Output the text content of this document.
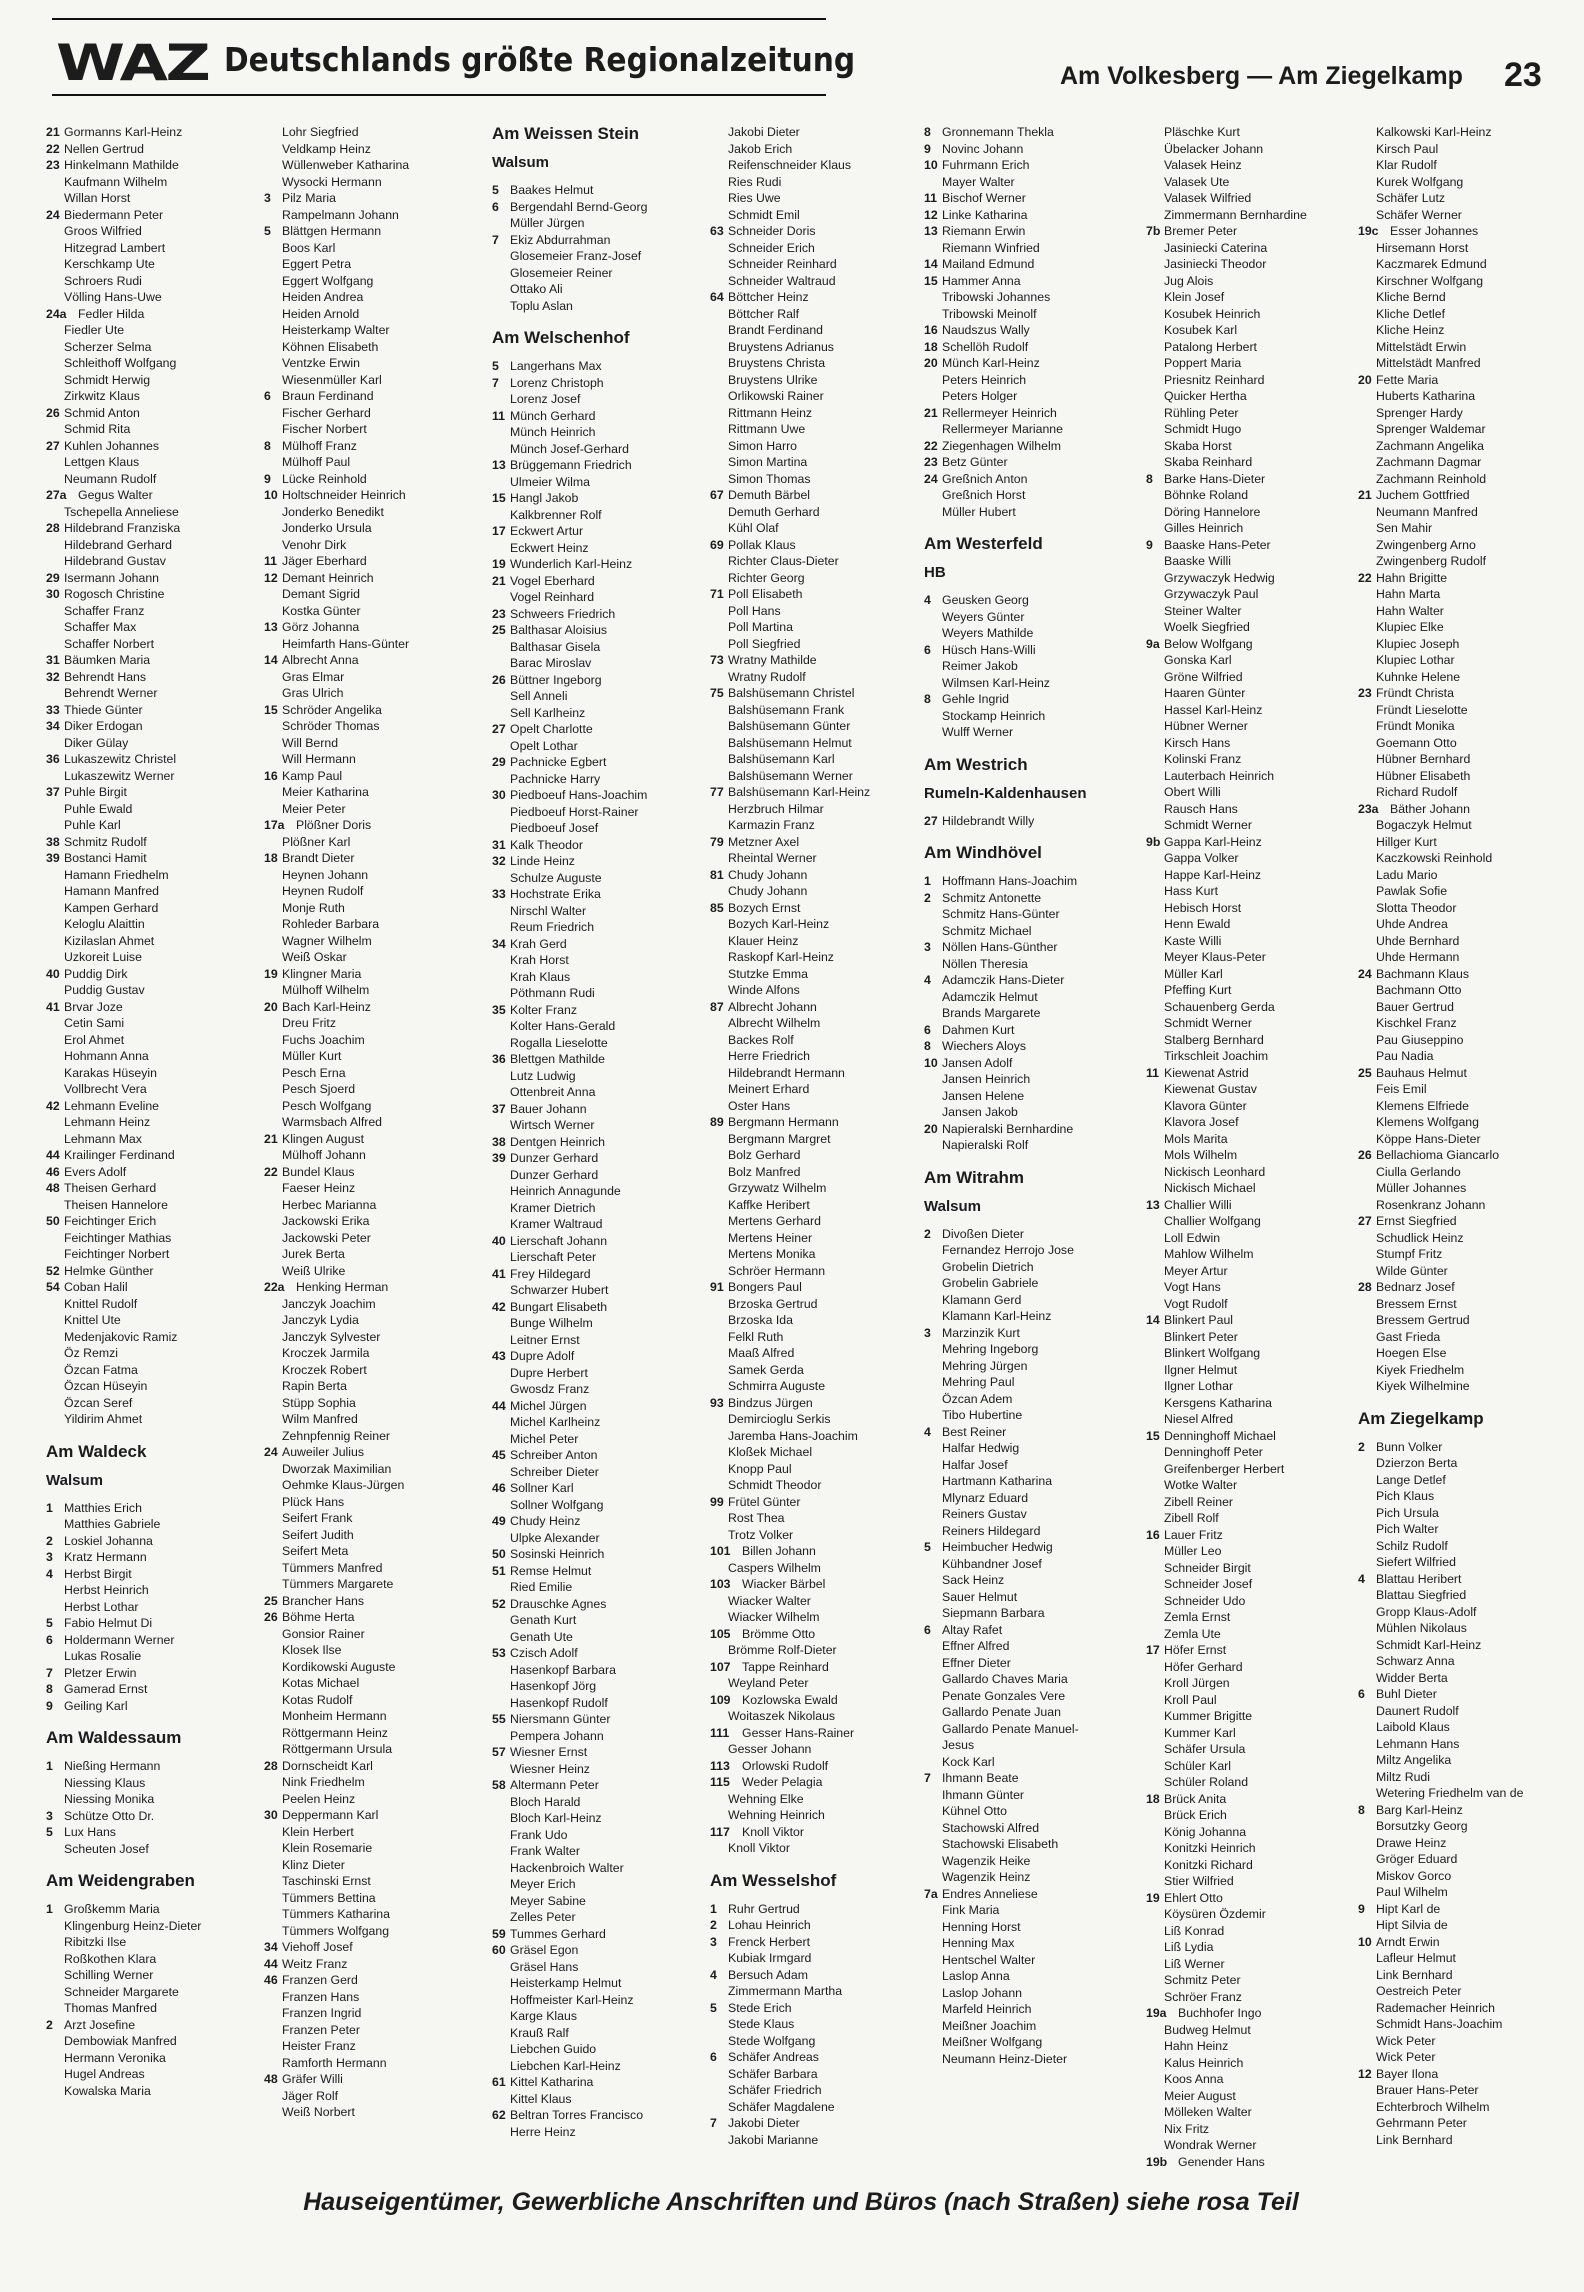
WAZ Deutschlands größte Regionalzeitung	Am Volkesberg — Am Ziegelkamp 23
21 Gormanns Karl-Heinz
22 Nellen Gertrud
23 Hinkelmann Mathilde
Kaufmann Wilhelm
Willan Horst
24 Biedermann Peter
Groos Wilfried
Hitzegrad Lambert
Kerschkamp Ute
Schroers Rudi
Völling Hans-Uwe
24a Fedler Hilda
Fiedler Ute
Scherzer Selma
Schleithoff Wolfgang
Schmidt Herwig
Zirkwitz Klaus
26 Schmid Anton
Schmid Rita
27 Kuhlen Johannes
Lettgen Klaus
Neumann Rudolf
27a Gegus Walter
Tschepella Anneliese
28 Hildebrand Franziska
Hildebrand Gerhard
Hildebrand Gustav
29 Isermann Johann
30 Rogosch Christine
Schaffer Franz
Schaffer Max
Schaffer Norbert
31 Bäumken Maria
32 Behrendt Hans
Behrendt Werner
33 Thiede Günter
34 Diker Erdogan
Diker Gülay
36 Lukaszewitz Christel
Lukaszewitz Werner
37 Puhle Birgit
Puhle Ewald
Puhle Karl
38 Schmitz Rudolf
39 Bostanci Hamit
Hamann Friedhelm
Hamann Manfred
Kampen Gerhard
Keloglu Alaittin
Kizilaslan Ahmet
Uzkoreit Luise
40 Puddig Dirk
Puddig Gustav
41 Brvar Joze
Cetin Sami
Erol Ahmet
Hohmann Anna
Karakas Hüseyin
Vollbrecht Vera
42 Lehmann Eveline
Lehmann Heinz
Lehmann Max
44 Krailinger Ferdinand
46 Evers Adolf
48 Theisen Gerhard
Theisen Hannelore
50 Feichtinger Erich
Feichtinger Mathias
Feichtinger Norbert
52 Helmke Günther
54 Coban Halil
Knittel Rudolf
Knittel Ute
Medenjakovic Ramiz
Öz Remzi
Özcan Fatma
Özcan Hüseyin
Özcan Seref
Yildirim Ahmet
Am Waldeck
Walsum
1 Matthies Erich
Matthies Gabriele
2 Loskiel Johanna
3 Kratz Hermann
4 Herbst Birgit
Herbst Heinrich
Herbst Lothar
5 Fabio Helmut Di
6 Holdermann Werner
Lukas Rosalie
7 Pletzer Erwin
8 Gamerad Ernst
9 Geiling Karl
Am Waldessaum
1 Nießing Hermann
Niessing Klaus
Niessing Monika
3 Schütze Otto Dr.
5 Lux Hans
Scheuten Josef
Am Weidengraben
1 Großkemm Maria
Klingenburg Heinz-Dieter
Ribitzki Ilse
Roßkothen Klara
Schilling Werner
Schneider Margarete
Thomas Manfred
2 Arzt Josefine
Dembowiak Manfred
Hermann Veronika
Hugel Andreas
Kowalska Maria
Lohr Siegfried
Veldkamp Heinz
Wüllenweber Katharina
Wysocki Hermann
3 Pilz Maria
Rampelmann Johann
5 Blättgen Hermann
Boos Karl
Eggert Petra
Eggert Wolfgang
Heiden Andrea
Heiden Arnold
Heisterkamp Walter
Köhnen Elisabeth
Ventzke Erwin
Wiesenmüller Karl
6 Braun Ferdinand
Fischer Gerhard
Fischer Norbert
8 Mülhoff Franz
Mülhoff Paul
9 Lücke Reinhold
10 Holtschneider Heinrich
Jonderko Benedikt
Jonderko Ursula
Venohr Dirk
11 Jäger Eberhard
12 Demant Heinrich
Demant Sigrid
Kostka Günter
13 Görz Johanna
Heimfarth Hans-Günter
14 Albrecht Anna
Gras Elmar
Gras Ulrich
15 Schröder Angelika
Schröder Thomas
Will Bernd
Will Hermann
16 Kamp Paul
Meier Katharina
Meier Peter
17a Plößner Doris
Plößner Karl
18 Brandt Dieter
Heynen Johann
Heynen Rudolf
Monje Ruth
Rohleder Barbara
Wagner Wilhelm
Weiß Oskar
19 Klingner Maria
Mülhoff Wilhelm
20 Bach Karl-Heinz
Dreu Fritz
Fuchs Joachim
Müller Kurt
Pesch Erna
Pesch Sjoerd
Pesch Wolfgang
Warmsbach Alfred
21 Klingen August
Mülhoff Johann
22 Bundel Klaus
Faeser Heinz
Herbec Marianna
Jackowski Erika
Jackowski Peter
Jurek Berta
Weiß Ulrike
22a Henking Herman
Janczyk Joachim
Janczyk Lydia
Janczyk Sylvester
Kroczek Jarmila
Kroczek Robert
Rapin Berta
Stüpp Sophia
Wilm Manfred
Zehnpfennig Reiner
24 Auweiler Julius
Dworzak Maximilian
Oehmke Klaus-Jürgen
Plück Hans
Seifert Frank
Seifert Judith
Seifert Meta
Tümmers Manfred
Tümmers Margarete
25 Brancher Hans
26 Böhme Herta
Gonsior Rainer
Klosek Ilse
Kordikowski Auguste
Kotas Michael
Kotas Rudolf
Monheim Hermann
Röttgermann Heinz
Röttgermann Ursula
28 Dornscheidt Karl
Nink Friedhelm
Peelen Heinz
30 Deppermann Karl
Klein Herbert
Klein Rosemarie
Klinz Dieter
Taschinski Ernst
Tümmers Bettina
Tümmers Katharina
Tümmers Wolfgang
34 Viehoff Josef
44 Weitz Franz
46 Franzen Gerd
Franzen Hans
Franzen Ingrid
Franzen Peter
Heister Franz
Ramforth Hermann
48 Gräfer Willi
Jäger Rolf
Weiß Norbert
Am Weissen Stein
Walsum
5 Baakes Helmut
6 Bergendahl Bernd-Georg
Müller Jürgen
7 Ekiz Abdurrahman
Glosemeier Franz-Josef
Glosemeier Reiner
Ottako Ali
Toplu Aslan
Am Welschenhof
5 Langerhans Max
7 Lorenz Christoph
Lorenz Josef
11 Münch Gerhard
Münch Heinrich
Münch Josef-Gerhard
13 Brüggemann Friedrich
Ulmeier Wilma
15 Hangl Jakob
Kalkbrenner Rolf
17 Eckwert Artur
Eckwert Heinz
19 Wunderlich Karl-Heinz
21 Vogel Eberhard
Vogel Reinhard
23 Schweers Friedrich
25 Balthasar Aloisius
Balthasar Gisela
Barac Miroslav
26 Büttner Ingeborg
Sell Anneli
Sell Karlheinz
27 Opelt Charlotte
Opelt Lothar
29 Pachnicke Egbert
Pachnicke Harry
30 Piedboeuf Hans-Joachim
Piedboeuf Horst-Rainer
Piedboeuf Josef
31 Kalk Theodor
32 Linde Heinz
Schulze Auguste
33 Hochstrate Erika
Nirschl Walter
Reum Friedrich
34 Krah Gerd
Krah Horst
Krah Klaus
Pöthmann Rudi
35 Kolter Franz
Kolter Hans-Gerald
Rogalla Lieselotte
36 Blettgen Mathilde
Lutz Ludwig
Ottenbreit Anna
37 Bauer Johann
Wirtsch Werner
38 Dentgen Heinrich
39 Dunzer Gerhard
Dunzer Gerhard
Heinrich Annagunde
Kramer Dietrich
Kramer Waltraud
40 Lierschaft Johann
Lierschaft Peter
41 Frey Hildegard
Schwarzer Hubert
42 Bungart Elisabeth
Bunge Wilhelm
Leitner Ernst
43 Dupre Adolf
Dupre Herbert
Gwosdz Franz
44 Michel Jürgen
Michel Karlheinz
Michel Peter
45 Schreiber Anton
Schreiber Dieter
46 Sollner Karl
Sollner Wolfgang
49 Chudy Heinz
Ulpke Alexander
50 Sosinski Heinrich
51 Remse Helmut
Ried Emilie
52 Drauschke Agnes
Genath Kurt
Genath Ute
53 Czisch Adolf
Hasenkopf Barbara
Hasenkopf Jörg
Hasenkopf Rudolf
55 Niersmann Günter
Pempera Johann
57 Wiesner Ernst
Wiesner Heinz
58 Altermann Peter
Bloch Harald
Bloch Karl-Heinz
Frank Udo
Frank Walter
Hackenbroich Walter
Meyer Erich
Meyer Sabine
Zelles Peter
59 Tummes Gerhard
60 Gräsel Egon
Gräsel Hans
Heisterkamp Helmut
Hoffmeister Karl-Heinz
Karge Klaus
Krauß Ralf
Liebchen Guido
Liebchen Karl-Heinz
61 Kittel Katharina
Kittel Klaus
62 Beltran Torres Francisco
Herre Heinz
Jakobi Dieter
Jakob Erich
Reifenschneider Klaus
Ries Rudi
Ries Uwe
Schmidt Emil
63 Schneider Doris
Schneider Erich
Schneider Reinhard
Schneider Waltraud
64 Böttcher Heinz
Böttcher Ralf
Brandt Ferdinand
Bruystens Adrianus
Bruystens Christa
Bruystens Ulrike
Orlikowski Rainer
Rittmann Heinz
Rittmann Uwe
Simon Harro
Simon Martina
Simon Thomas
67 Demuth Bärbel
Demuth Gerhard
Kühl Olaf
69 Pollak Klaus
Richter Claus-Dieter
Richter Georg
71 Poll Elisabeth
Poll Hans
Poll Martina
Poll Siegfried
73 Wratny Mathilde
Wratny Rudolf
75 Balshüsemann Christel
Balshüsemann Frank
Balshüsemann Günter
Balshüsemann Helmut
Balshüsemann Karl
Balshüsemann Werner
77 Balshüsemann Karl-Heinz
Herzbruch Hilmar
Karmazin Franz
79 Metzner Axel
Rheintal Werner
81 Chudy Johann
Chudy Johann
85 Bozych Ernst
Bozych Karl-Heinz
Klauer Heinz
Raskopf Karl-Heinz
Stutzke Emma
Winde Alfons
87 Albrecht Johann
Albrecht Wilhelm
Backes Rolf
Herre Friedrich
Hildebrandt Hermann
Meinert Erhard
Oster Hans
89 Bergmann Hermann
Bergmann Margret
Bolz Gerhard
Bolz Manfred
Grzywatz Wilhelm
Kaffke Heribert
Mertens Gerhard
Mertens Heiner
Mertens Monika
Schröer Hermann
91 Bongers Paul
Brzoska Gertrud
Brzoska Ida
Felkl Ruth
Maaß Alfred
Samek Gerda
Schmirra Auguste
93 Bindzus Jürgen
Demircioglu Serkis
Jaremba Hans-Joachim
Kloßek Michael
Knopp Paul
Schmidt Theodor
99 Frütel Günter
Rost Thea
Trotz Volker
101 Billen Johann
Caspers Wilhelm
103 Wiacker Bärbel
Wiacker Walter
Wiacker Wilhelm
105 Brömme Otto
Brömme Rolf-Dieter
107 Tappe Reinhard
Weyland Peter
109 Kozlowska Ewald
Woitaszek Nikolaus
111	Gesser Hans-Rainer
Gesser Johann
113 Orlowski Rudolf
115 Weder Pelagia
Wehning Elke
Wehning Heinrich
117 Knoll Viktor
Knoll Viktor
Am Wesselshof
1 Ruhr Gertrud
2 Lohau Heinrich
3 Frenck Herbert
Kubiak Irmgard
4 Bersuch Adam
Zimmermann Martha
5 Stede Erich
Stede Klaus
Stede Wolfgang
6 Schäfer Andreas
Schäfer Barbara
Schäfer Friedrich
Schäfer Magdalene
7 Jakobi Dieter
Jakobi Marianne
8 Gronnemann Thekla
9 Novinc Johann
10 Fuhrmann Erich
Mayer Walter
11 Bischof Werner
12 Linke Katharina
13 Riemann Erwin
Riemann Winfried
14 Mailand Edmund
15 Hammer Anna
Tribowski Johannes
Tribowski Meinolf
16 Naudszus Wally
18 Schellöh Rudolf
20 Münch Karl-Heinz
Peters Heinrich
Peters Holger
21 Rellermeyer Heinrich
Rellermeyer Marianne
22 Ziegenhagen Wilhelm
23 Betz Günter
24 Greßnich Anton
Greßnich Horst
Müller Hubert
Am Westerfeld
HB
4 Geusken Georg
Weyers Günter
Weyers Mathilde
6 Hüsch Hans-Willi
Reimer Jakob
Wilmsen Karl-Heinz
8 Gehle Ingrid
Stockamp Heinrich
Wulff Werner
Am Westrich
Rumeln-Kaldenhausen
27 Hildebrandt Willy
Am Windhövel
1 Hoffmann Hans-Joachim
2 Schmitz Antonette
Schmitz Hans-Günter
Schmitz Michael
3 Nöllen Hans-Günther
Nöllen Theresia
4 Adamczik Hans-Dieter
Adamczik Helmut
Brands Margarete
6 Dahmen Kurt
8 Wiechers Aloys
10 Jansen Adolf
Jansen Heinrich
Jansen Helene
Jansen Jakob
20 Napieralski Bernhardine
Napieralski Rolf
Am Witrahm
Walsum
2 Divoßen Dieter
Fernandez Herrojo Jose
Grobelin Dietrich
Grobelin Gabriele
Klamann Gerd
Klamann Karl-Heinz
3 Marzinzik Kurt
Mehring Ingeborg
Mehring Jürgen
Mehring Paul
Özcan Adem
Tibo Hubertine
4 Best Reiner
Halfar Hedwig
Halfar Josef
Hartmann Katharina
Mlynarz Eduard
Reiners Gustav
Reiners Hildegard
5 Heimbucher Hedwig
Kühbandner Josef
Sack Heinz
Sauer Helmut
Siepmann Barbara
6 Altay Rafet
Effner Alfred
Effner Dieter
Gallardo Chaves Maria
Penate Gonzales Vere
Gallardo Penate Juan
Gallardo Penate Manuel-
Jesus
Kock Karl
7 Ihmann Beate
Ihmann Günter
Kühnel Otto
Stachowski Alfred
Stachowski Elisabeth
Wagenzik Heike
Wagenzik Heinz
7a Endres Anneliese
Fink Maria
Henning Horst
Henning Max
Hentschel Walter
Laslop Anna
Laslop Johann
Marfeld Heinrich
Meißner Joachim
Meißner Wolfgang
Neumann Heinz-Dieter
Pläschke Kurt
Übelacker Johann
Valasek Heinz
Valasek Ute
Valasek Wilfried
Zimmermann Bernhardine
7b Bremer Peter
Jasiniecki Caterina
Jasiniecki Theodor
Jug Alois
Klein Josef
Kosubek Heinrich
Kosubek Karl
Patalong Herbert
Poppert Maria
Priesnitz Reinhard
Quicker Hertha
Rühling Peter
Schmidt Hugo
Skaba Horst
Skaba Reinhard
8 Barke Hans-Dieter
Böhnke Roland
Döring Hannelore
Gilles Heinrich
9 Baaske Hans-Peter
Baaske Willi
Grzywaczyk Hedwig
Grzywaczyk Paul
Steiner Walter
Woelk Siegfried
9a Below Wolfgang
Gonska Karl
Gröne Wilfried
Haaren Günter
Hassel Karl-Heinz
Hübner Werner
Kirsch Hans
Kolinski Franz
Lauterbach Heinrich
Obert Willi
Rausch Hans
Schmidt Werner
9b Gappa Karl-Heinz
Gappa Volker
Happe Karl-Heinz
Hass Kurt
Hebisch Horst
Henn Ewald
Kaste Willi
Meyer Klaus-Peter
Müller Karl
Pfeffing Kurt
Schauenberg Gerda
Schmidt Werner
Stalberg Bernhard
Tirkschleit Joachim
11 Kiewenat Astrid
Kiewenat Gustav
Klavora Günter
Klavora Josef
Mols Marita
Mols Wilhelm
Nickisch Leonhard
Nickisch Michael
13 Challier Willi
Challier Wolfgang
Loll Edwin
Mahlow Wilhelm
Meyer Artur
Vogt Hans
Vogt Rudolf
14 Blinkert Paul
Blinkert Peter
Blinkert Wolfgang
Ilgner Helmut
Ilgner Lothar
Kersgens Katharina
Niesel Alfred
15 Denninghoff Michael
Denninghoff Peter
Greifenberger Herbert
Wotke Walter
Zibell Reiner
Zibell Rolf
16 Lauer Fritz
Müller Leo
Schneider Birgit
Schneider Josef
Schneider Udo
Zemla Ernst
Zemla Ute
17 Höfer Ernst
Höfer Gerhard
Kroll Jürgen
Kroll Paul
Kummer Brigitte
Kummer Karl
Schäfer Ursula
Schüler Karl
Schüler Roland
18 Brück Anita
Brück Erich
König Johanna
Konitzki Heinrich
Konitzki Richard
Stier Wilfried
19 Ehlert Otto
Köysüren Özdemir
Liß Konrad
Liß Lydia
Liß Werner
Schmitz Peter
Schröer Franz
19a Buchhofer Ingo
Budweg Helmut
Hahn Heinz
Kalus Heinrich
Koos Anna
Meier August
Mölleken Walter
Nix Fritz
Wondrak Werner
19b Genender Hans
Kalkowski Karl-Heinz
Kirsch Paul
Klar Rudolf
Kurek Wolfgang
Schäfer Lutz
Schäfer Werner
19c Esser Johannes
Hirsemann Horst
Kaczmarek Edmund
Kirschner Wolfgang
Kliche Bernd
Kliche Detlef
Kliche Heinz
Mittelstädt Erwin
Mittelstädt Manfred
20 Fette Maria
Huberts Katharina
Sprenger Hardy
Sprenger Waldemar
Zachmann Angelika
Zachmann Dagmar
Zachmann Reinhold
21 Juchem Gottfried
Neumann Manfred
Sen Mahir
Zwingenberg Arno
Zwingenberg Rudolf
22 Hahn Brigitte
Hahn Marta
Hahn Walter
Klupiec Elke
Klupiec Joseph
Klupiec Lothar
Kuhnke Helene
23 Fründt Christa
Fründt Lieselotte
Fründt Monika
Goemann Otto
Hübner Bernhard
Hübner Elisabeth
Richard Rudolf
23a Bäther Johann
Bogaczyk Helmut
Hillger Kurt
Kaczkowski Reinhold
Ladu Mario
Pawlak Sofie
Slotta Theodor
Uhde Andrea
Uhde Bernhard
Uhde Hermann
24 Bachmann Klaus
Bachmann Otto
Bauer Gertrud
Kischkel Franz
Pau Giuseppino
Pau Nadia
25 Bauhaus Helmut
Feis Emil
Klemens Elfriede
Klemens Wolfgang
Köppe Hans-Dieter
26 Bellachioma Giancarlo
Ciulla Gerlando
Müller Johannes
Rosenkranz Johann
27 Ernst Siegfried
Schudlick Heinz
Stumpf Fritz
Wilde Günter
28 Bednarz Josef
Bressem Ernst
Bressem Gertrud
Gast Frieda
Hoegen Else
Kiyek Friedhelm
Kiyek Wilhelmine
Am Ziegelkamp
2 Bunn Volker
Dzierzon Berta
Lange Detlef
Pich Klaus
Pich Ursula
Pich Walter
Schilz Rudolf
Siefert Wilfried
4 Blattau Heribert
Blattau Siegfried
Gropp Klaus-Adolf
Mühlen Nikolaus
Schmidt Karl-Heinz
Schwarz Anna
Widder Berta
6 Buhl Dieter
Daunert Rudolf
Laibold Klaus
Lehmann Hans
Miltz Angelika
Miltz Rudi
Wetering Friedhelm van de
8 Barg Karl-Heinz
Borsutzky Georg
Drawe Heinz
Gröger Eduard
Miskov Gorco
Paul Wilhelm
9 Hipt Karl de
Hipt Silvia de
10 Arndt Erwin
Lafleur Helmut
Link Bernhard
Oestreich Peter
Rademacher Heinrich
Schmidt Hans-Joachim
Wick Peter
Wick Peter
12 Bayer Ilona
Brauer Hans-Peter
Echterbroch Wilhelm
Gehrmann Peter
Link Bernhard
Hauseigentümer, Gewerbliche Anschriften und Büros (nach Straßen) siehe rosa Teil
